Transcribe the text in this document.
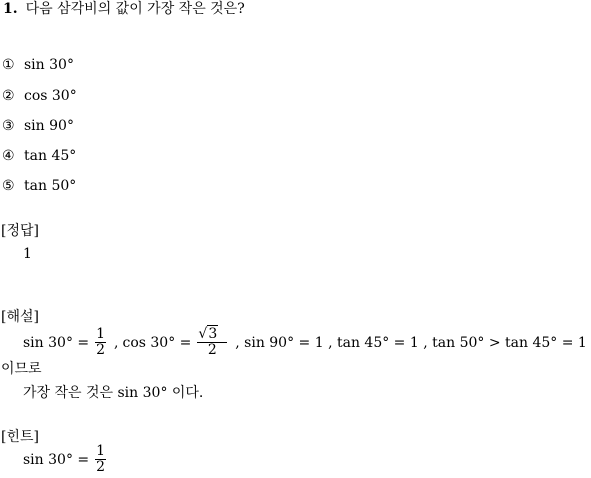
1. 다음 삼각비의 값이 가장 작은 것은?
① sin 30°
② cos 30°
③ sin 90°
④ tan 45°
⑤ tan 50°
[정답]
1
[해설]
$\sin 30^\circ = \frac{1}{2}$ , $\cos 30^\circ = \frac{√3}{2}$ , sin 90° = 1 , tan 45° = 1 , tan 50° > tan 45° = 1
이므로
가장 작은 것은 sin 30° 이다.
[힌트]
$\sin 30^\circ = \frac{1}{2}$
